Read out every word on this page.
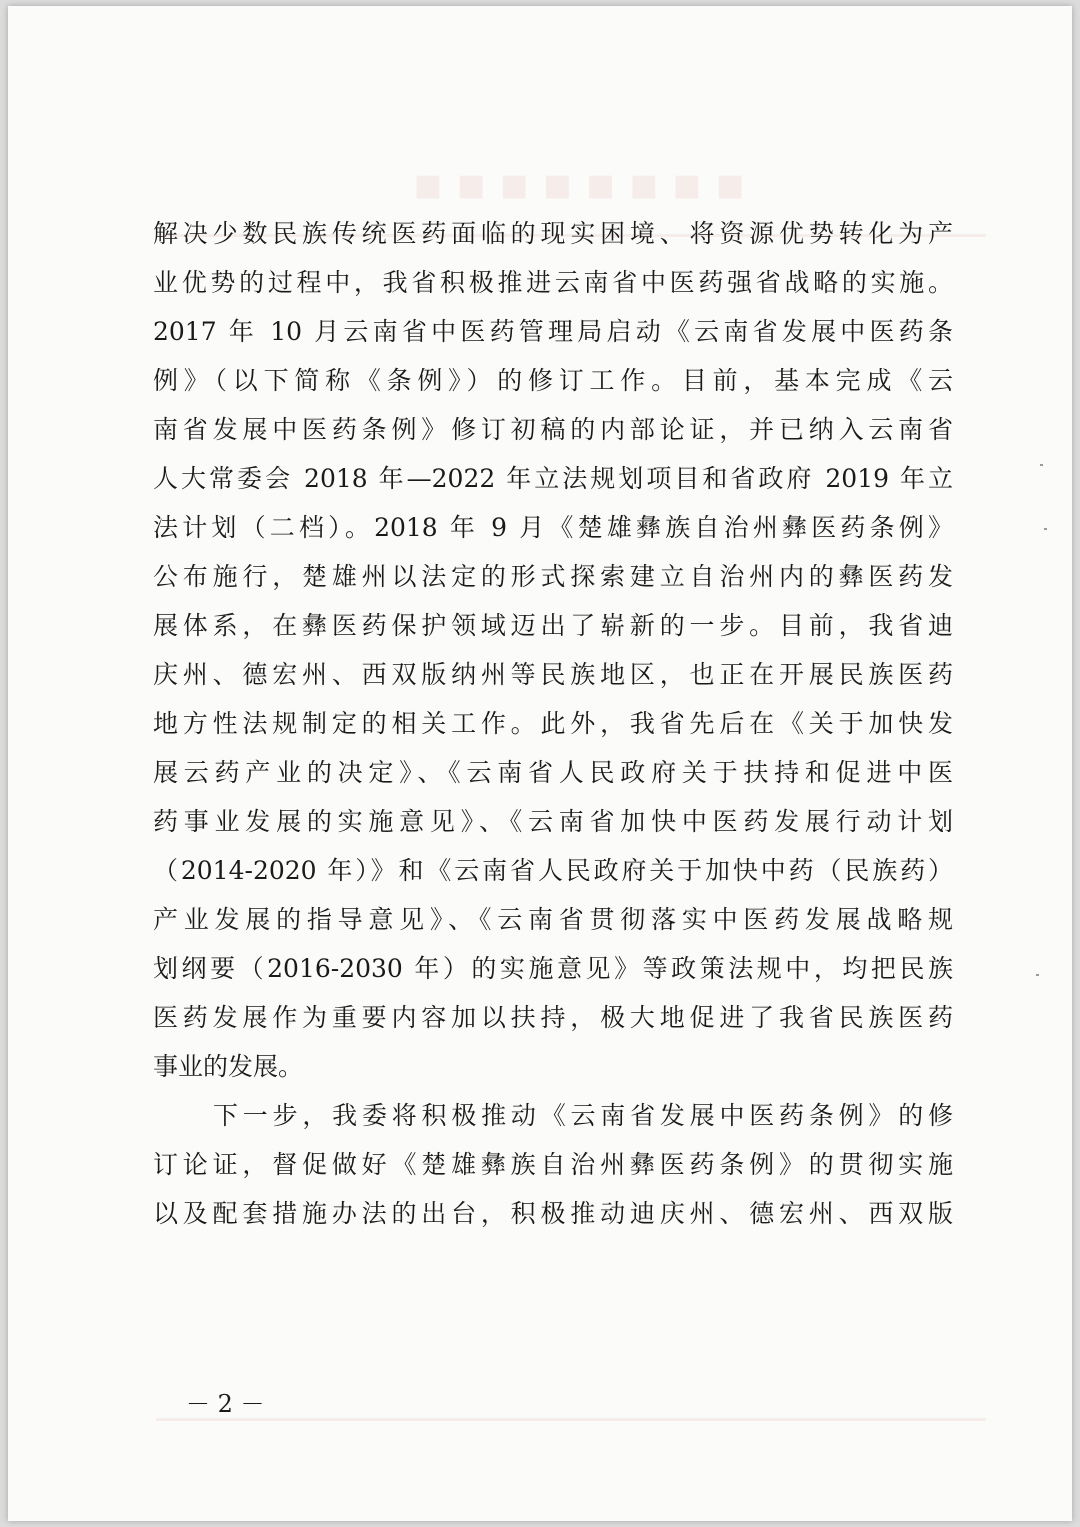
▪▪▪▪▪▪▪▪
解决少数民族传统医药面临的现实困境、将资源优势转化为产
业优势的过程中，我省积极推进云南省中医药强省战略的实施。
2017 年 10 月云南省中医药管理局启动《云南省发展中医药条
例》（以下简称《条例》）的修订工作。目前，基本完成《云
南省发展中医药条例》修订初稿的内部论证，并已纳入云南省
人大常委会 2018 年—2022 年立法规划项目和省政府 2019 年立
法计划（二档）。2018 年 9 月《楚雄彝族自治州彝医药条例》
公布施行，楚雄州以法定的形式探索建立自治州内的彝医药发
展体系，在彝医药保护领域迈出了崭新的一步。目前，我省迪
庆州、德宏州、西双版纳州等民族地区，也正在开展民族医药
地方性法规制定的相关工作。此外，我省先后在《关于加快发
展云药产业的决定》、《云南省人民政府关于扶持和促进中医
药事业发展的实施意见》、《云南省加快中医药发展行动计划
（2014-2020 年）》和《云南省人民政府关于加快中药（民族药）
产业发展的指导意见》、《云南省贯彻落实中医药发展战略规
划纲要（2016-2030 年）的实施意见》等政策法规中，均把民族
医药发展作为重要内容加以扶持，极大地促进了我省民族医药
事业的发展。
下一步，我委将积极推动《云南省发展中医药条例》的修
订论证，督促做好《楚雄彝族自治州彝医药条例》的贯彻实施
以及配套措施办法的出台，积极推动迪庆州、德宏州、西双版
－ 2 －
